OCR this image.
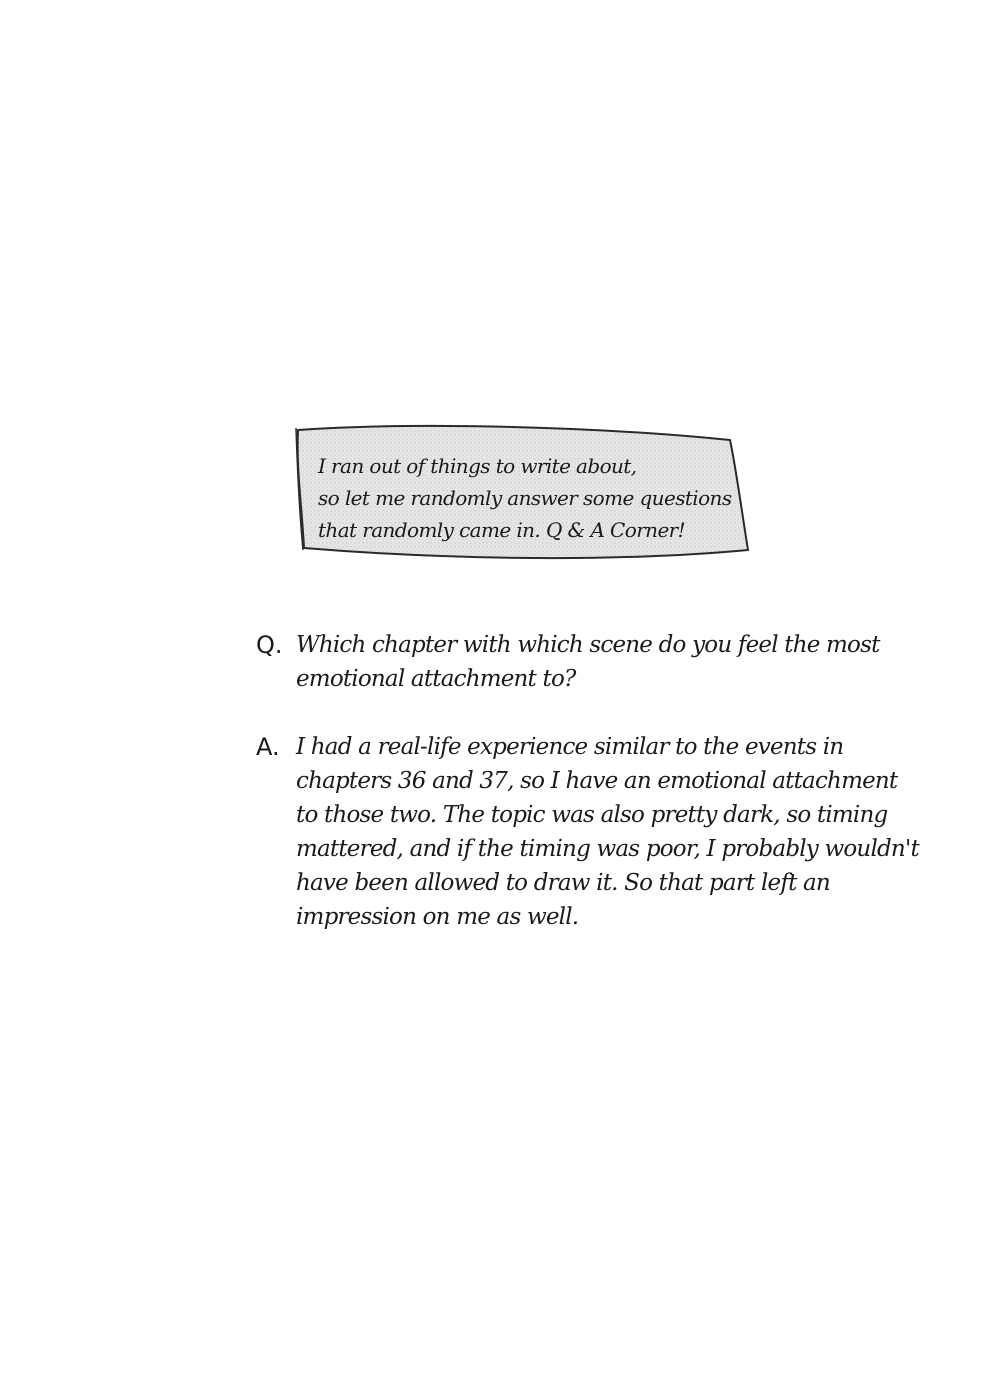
I ran out of things to write about,
so let me randomly answer some questions
that randomly came in. Q & A Corner!
Q. Which chapter with which scene do you feel the most
emotional attachment to?
A. I had a real-life experience similar to the events in
chapters 36 and 37, so I have an emotional attachment
to those two. The topic was also pretty dark, so timing
mattered, and if the timing was poor, I probably wouldn't
have been allowed to draw it. So that part left an
impression on me as well.
